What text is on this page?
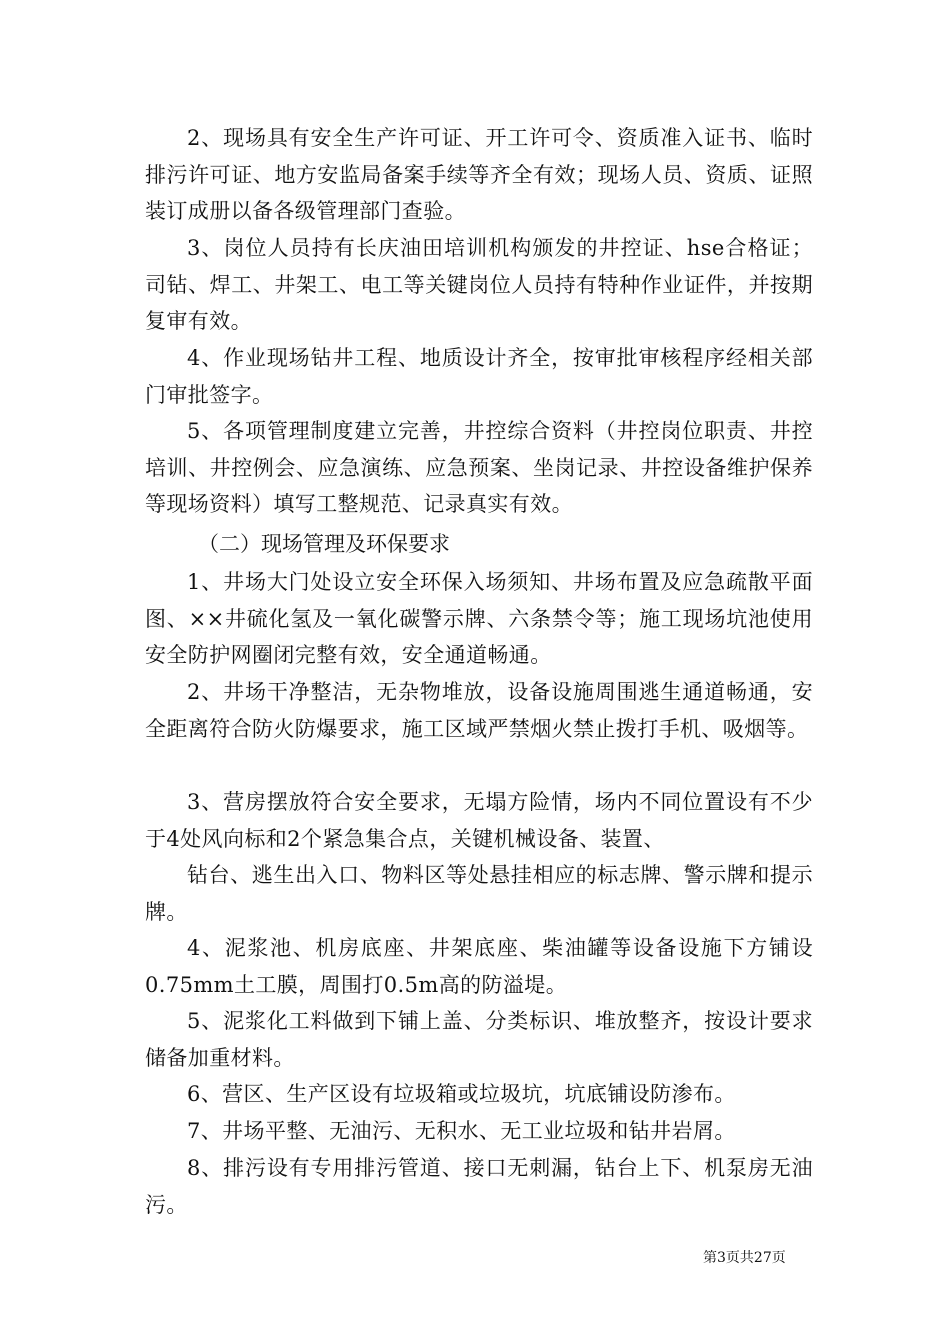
2、现场具有安全生产许可证、开工许可令、资质准入证书、临时排污许可证、地方安监局备案手续等齐全有效；现场人员、资质、证照装订成册以备各级管理部门查验。

3、岗位人员持有长庆油田培训机构颁发的井控证、hse合格证；司钻、焊工、井架工、电工等关键岗位人员持有特种作业证件，并按期复审有效。

4、作业现场钻井工程、地质设计齐全，按审批审核程序经相关部门审批签字。

5、各项管理制度建立完善，井控综合资料（井控岗位职责、井控培训、井控例会、应急演练、应急预案、坐岗记录、井控设备维护保养等现场资料）填写工整规范、记录真实有效。

（二）现场管理及环保要求

1、井场大门处设立安全环保入场须知、井场布置及应急疏散平面图、××井硫化氢及一氧化碳警示牌、六条禁令等；施工现场坑池使用安全防护网圈闭完整有效，安全通道畅通。

2、井场干净整洁，无杂物堆放，设备设施周围逃生通道畅通，安全距离符合防火防爆要求，施工区域严禁烟火禁止拨打手机、吸烟等。

3、营房摆放符合安全要求，无塌方险情，场内不同位置设有不少于4处风向标和2个紧急集合点，关键机械设备、装置、

钻台、逃生出入口、物料区等处悬挂相应的标志牌、警示牌和提示牌。

4、泥浆池、机房底座、井架底座、柴油罐等设备设施下方铺设0.75mm土工膜，周围打0.5m高的防溢堤。

5、泥浆化工料做到下铺上盖、分类标识、堆放整齐，按设计要求储备加重材料。

6、营区、生产区设有垃圾箱或垃圾坑，坑底铺设防渗布。

7、井场平整、无油污、无积水、无工业垃圾和钻井岩屑。

8、排污设有专用排污管道、接口无刺漏，钻台上下、机泵房无油污。

第3页共27页
